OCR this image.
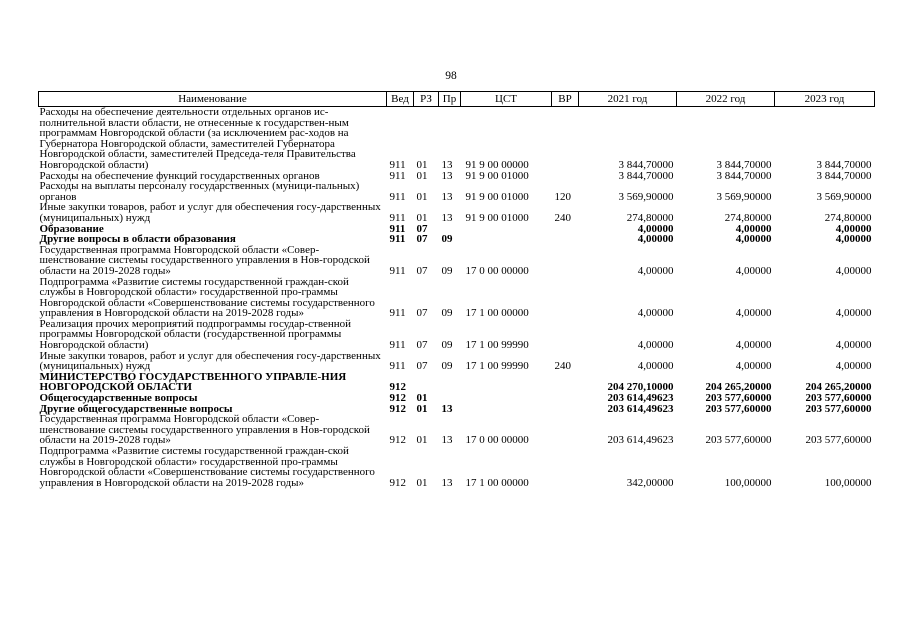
98
Наименование	Вед	РЗ	Пр	ЦСТ	ВР	2021 год	2022 год	2023 год
Расходы на обеспечение деятельности отдельных органов ис-полнительной власти области, не отнесенные к государствен-ным программам Новгородской области (за исключением рас-ходов на Губернатора Новгородской области, заместителей Губернатора Новгородской области, заместителей Председа-теля Правительства Новгородской области)	911	01	13	91 9 00 00000		3 844,70000	3 844,70000	3 844,70000
Расходы на обеспечение функций государственных органов	911	01	13	91 9 00 01000		3 844,70000	3 844,70000	3 844,70000
Расходы на выплаты персоналу государственных (муници-пальных) органов	911	01	13	91 9 00 01000	120	3 569,90000	3 569,90000	3 569,90000
Иные закупки товаров, работ и услуг для обеспечения госу-дарственных (муниципальных) нужд	911	01	13	91 9 00 01000	240	274,80000	274,80000	274,80000
Образование	911	07				4,00000	4,00000	4,00000
Другие вопросы в области образования	911	07	09			4,00000	4,00000	4,00000
Государственная программа Новгородской области «Совер-шенствование системы государственного управления в Нов-городской области на 2019-2028 годы»	911	07	09	17 0 00 00000		4,00000	4,00000	4,00000
Подпрограмма «Развитие системы государственной граждан-ской службы в Новгородской области» государственной про-граммы Новгородской области «Совершенствование системы государственного управления в Новгородской области на 2019-2028 годы»	911	07	09	17 1 00 00000		4,00000	4,00000	4,00000
Реализация прочих мероприятий подпрограммы государ-ственной программы Новгородской области (государственной программы Новгородской области)	911	07	09	17 1 00 99990		4,00000	4,00000	4,00000
Иные закупки товаров, работ и услуг для обеспечения госу-дарственных (муниципальных) нужд	911	07	09	17 1 00 99990	240	4,00000	4,00000	4,00000
МИНИСТЕРСТВО ГОСУДАРСТВЕННОГО УПРАВЛЕ-НИЯ НОВГОРОДСКОЙ ОБЛАСТИ	912					204 270,10000	204 265,20000	204 265,20000
Общегосударственные вопросы	912	01				203 614,49623	203 577,60000	203 577,60000
Другие общегосударственные вопросы	912	01	13			203 614,49623	203 577,60000	203 577,60000
Государственная программа Новгородской области «Совер-шенствование системы государственного управления в Нов-городской области на 2019-2028 годы»	912	01	13	17 0 00 00000		203 614,49623	203 577,60000	203 577,60000
Подпрограмма «Развитие системы государственной граждан-ской службы в Новгородской области» государственной про-граммы Новгородской области «Совершенствование системы государственного управления в Новгородской области на 2019-2028 годы»	912	01	13	17 1 00 00000		342,00000	100,00000	100,00000
